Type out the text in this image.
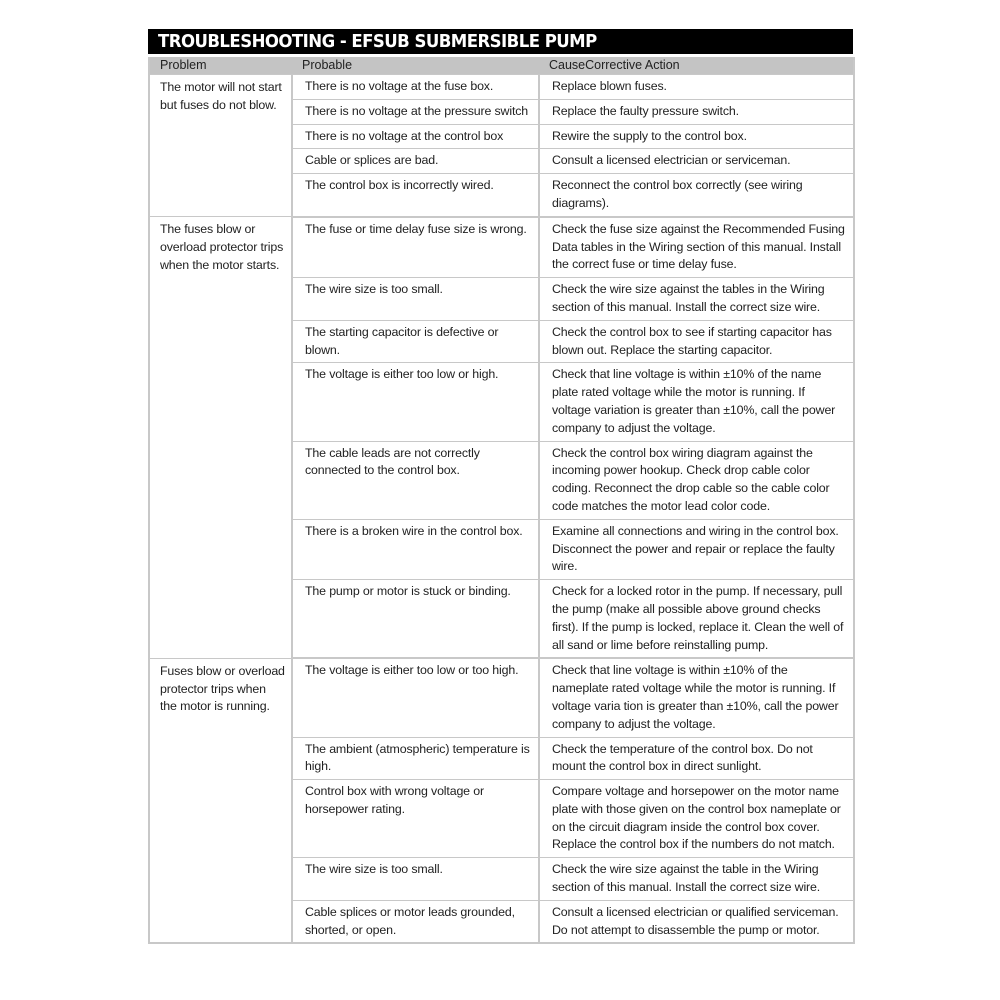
TROUBLESHOOTING - EFSUB SUBMERSIBLE PUMP
Problem	Probable	CauseCorrective Action
The motor will not start but fuses do not blow.	There is no voltage at the fuse box.	Replace blown fuses.
	There is no voltage at the pressure switch	Replace the faulty pressure switch.
	There is no voltage at the control box	Rewire the supply to the control box.
	Cable or splices are bad.	Consult a licensed electrician or serviceman.
	The control box is incorrectly wired.	Reconnect the control box correctly (see wiring diagrams).
The fuses blow or overload protector trips when the motor starts.	The fuse or time delay fuse size is wrong.	Check the fuse size against the Recommended Fusing Data tables in the Wiring section of this manual. Install the correct fuse or time delay fuse.
	The wire size is too small.	Check the wire size against the tables in the Wiring section of this manual. Install the correct size wire.
	The starting capacitor is defective or blown.	Check the control box to see if starting capacitor has blown out. Replace the starting capacitor.
	The voltage is either too low or high.	Check that line voltage is within ±10% of the name plate rated voltage while the motor is running. If voltage variation is greater than ±10%, call the power company to adjust the voltage.
	The cable leads are not correctly connected to the control box.	Check the control box wiring diagram against the incoming power hookup. Check drop cable color coding. Reconnect the drop cable so the cable color code matches the motor lead color code.
	There is a broken wire in the control box.	Examine all connections and wiring in the control box. Disconnect the power and repair or replace the faulty wire.
	The pump or motor is stuck or binding.	Check for a locked rotor in the pump. If necessary, pull the pump (make all possible above ground checks first). If the pump is locked, replace it. Clean the well of all sand or lime before reinstalling pump.
Fuses blow or overload protector trips when the motor is running.	The voltage is either too low or too high.	Check that line voltage is within ±10% of the nameplate rated voltage while the motor is running. If voltage varia tion is greater than ±10%, call the power company to adjust the voltage.
	The ambient (atmospheric) temperature is high.	Check the temperature of the control box. Do not mount the control box in direct sunlight.
	Control box with wrong voltage or horsepower rating.	Compare voltage and horsepower on the motor name plate with those given on the control box nameplate or on the circuit diagram inside the control box cover. Replace the control box if the numbers do not match.
	The wire size is too small.	Check the wire size against the table in the Wiring section of this manual. Install the correct size wire.
	Cable splices or motor leads grounded, shorted, or open.	Consult a licensed electrician or qualified serviceman. Do not attempt to disassemble the pump or motor.
